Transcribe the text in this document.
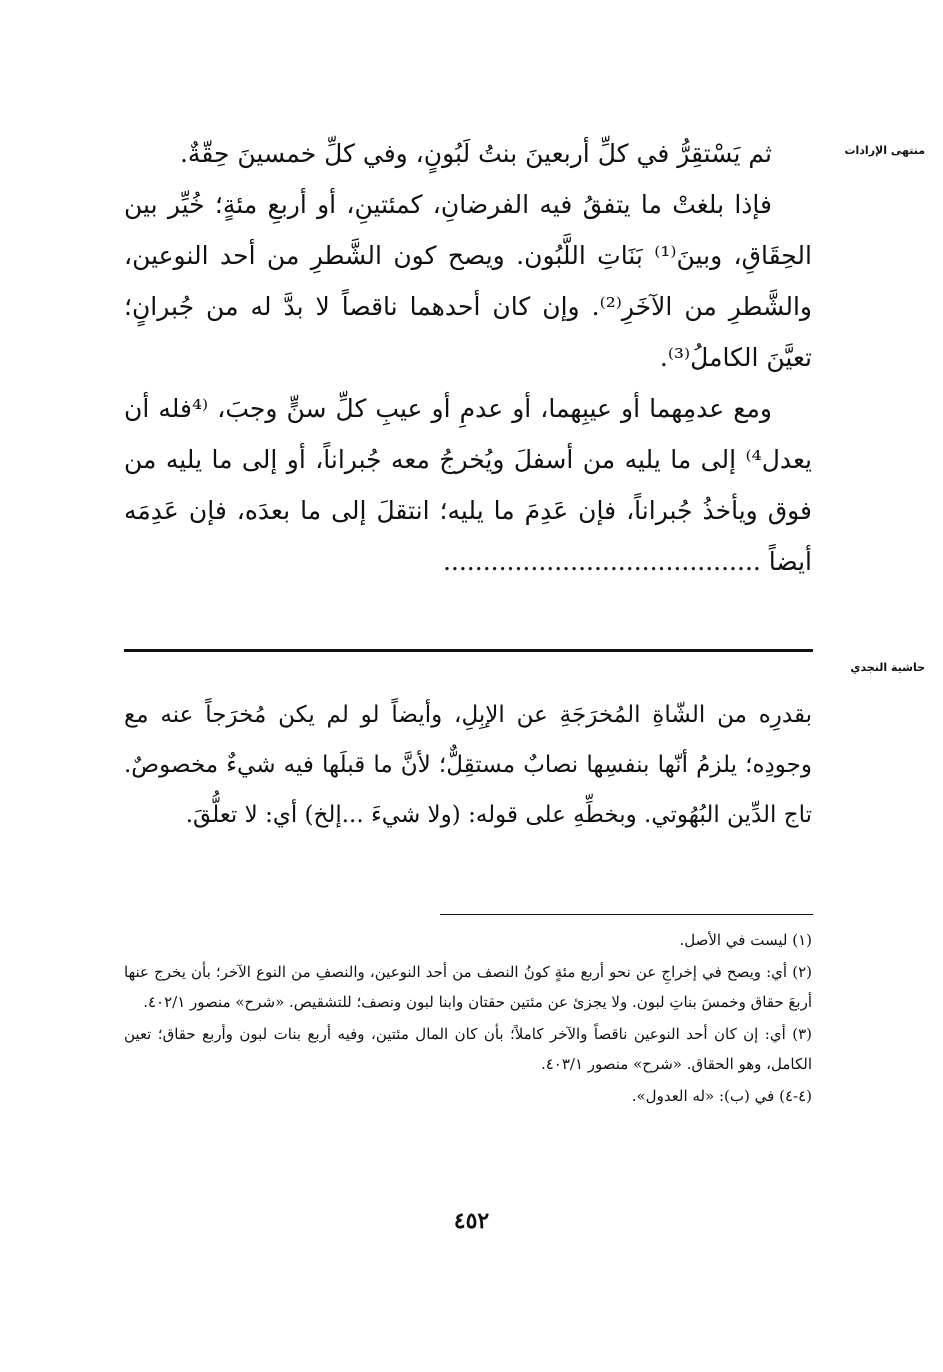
منتهى الإرادات

ثم يَسْتقِرُّ في كلِّ أربعينَ بنتُ لَبُونٍ، وفي كلِّ خمسينَ حِقّةٌ.

فإذا بلغتْ ما يتفقُ فيه الفرضانِ، كمئتينِ، أو أربعِ مئةٍ؛ خُيِّر بين الحِقَاقِ، وبينَ⁽¹⁾ بَنَاتِ اللَّبُون. ويصح كون الشَّطرِ من أحد النوعين، والشَّطرِ من الآخَرِ⁽²⁾. وإن كان أحدهما ناقصاً لا بدَّ له من جُبرانٍ؛ تعيَّنَ الكاملُ⁽³⁾.

ومع عدمِهما أو عيبِهما، أو عدمِ أو عيبِ كلِّ سنٍّ وجبَ، ⁽⁴فله أن يعدل⁴⁾ إلى ما يليه من أسفلَ ويُخرجُ معه جُبراناً، أو إلى ما يليه من فوق ويأخذُ جُبراناً، فإن عَدِمَ ما يليه؛ انتقلَ إلى ما بعدَه، فإن عَدِمَه أيضاً ........................................

حاشية النجدي

بقدرِه من الشّاةِ المُخرَجَةِ عن الإبِلِ، وأيضاً لو لم يكن مُخرَجاً عنه مع وجودِه؛ يلزمُ أنّها بنفسِها نصابٌ مستقِلٌّ؛ لأنَّ ما قبلَها فيه شيءٌ مخصوصٌ. تاج الدِّين البُهُوتي. وبخطِّهِ على قوله: (ولا شيءَ ...إلخ) أي: لا تعلُّقَ.

(١) ليست في الأصل.

(٢) أي: ويصح في إخراجِ عن نحو أربع مئةٍ كونُ النصف من أحد النوعين، والنصفِ من النوع الآخر؛ بأن يخرج عنها أربعَ حقاق وخمسَ بناتِ لبون. ولا يجزئ عن مئتين حقتان وابنا لبون ونصف؛ للتشقيص. «شرح» منصور ٤٠٢/١.

(٣) أي: إن كان أحد النوعين ناقصاً والآخر كاملاً؛ بأن كان المال مئتين، وفيه أربع بنات لبون وأربع حقاق؛ تعين الكامل، وهو الحقاق. «شرح» منصور ٤٠٣/١.

(٤-٤) في (ب): «له العدول».

٤٥٢
